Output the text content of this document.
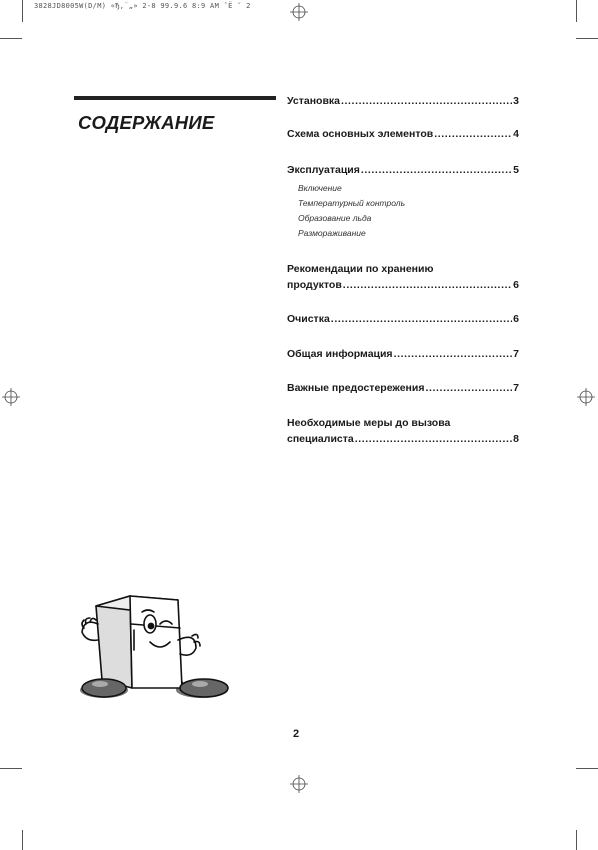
3828JD8005W(D/M) «Ђ‚¨„» 2-8 99.9.6 8:9 AM ˆЁ ˘ 2
СОДЕРЖАНИЕ
Установка .....	3
Схема основных элементов .....	4
Эксплуатация .....	5
Включение
Температурный контроль
Образование льда
Размораживание
Рекомендации по хранению
продуктов .....	6
Очистка .....	6
Общая информация .....	7
Важные предостережения .....	7
Необходимые меры до вызова
специалиста .....	8
2
